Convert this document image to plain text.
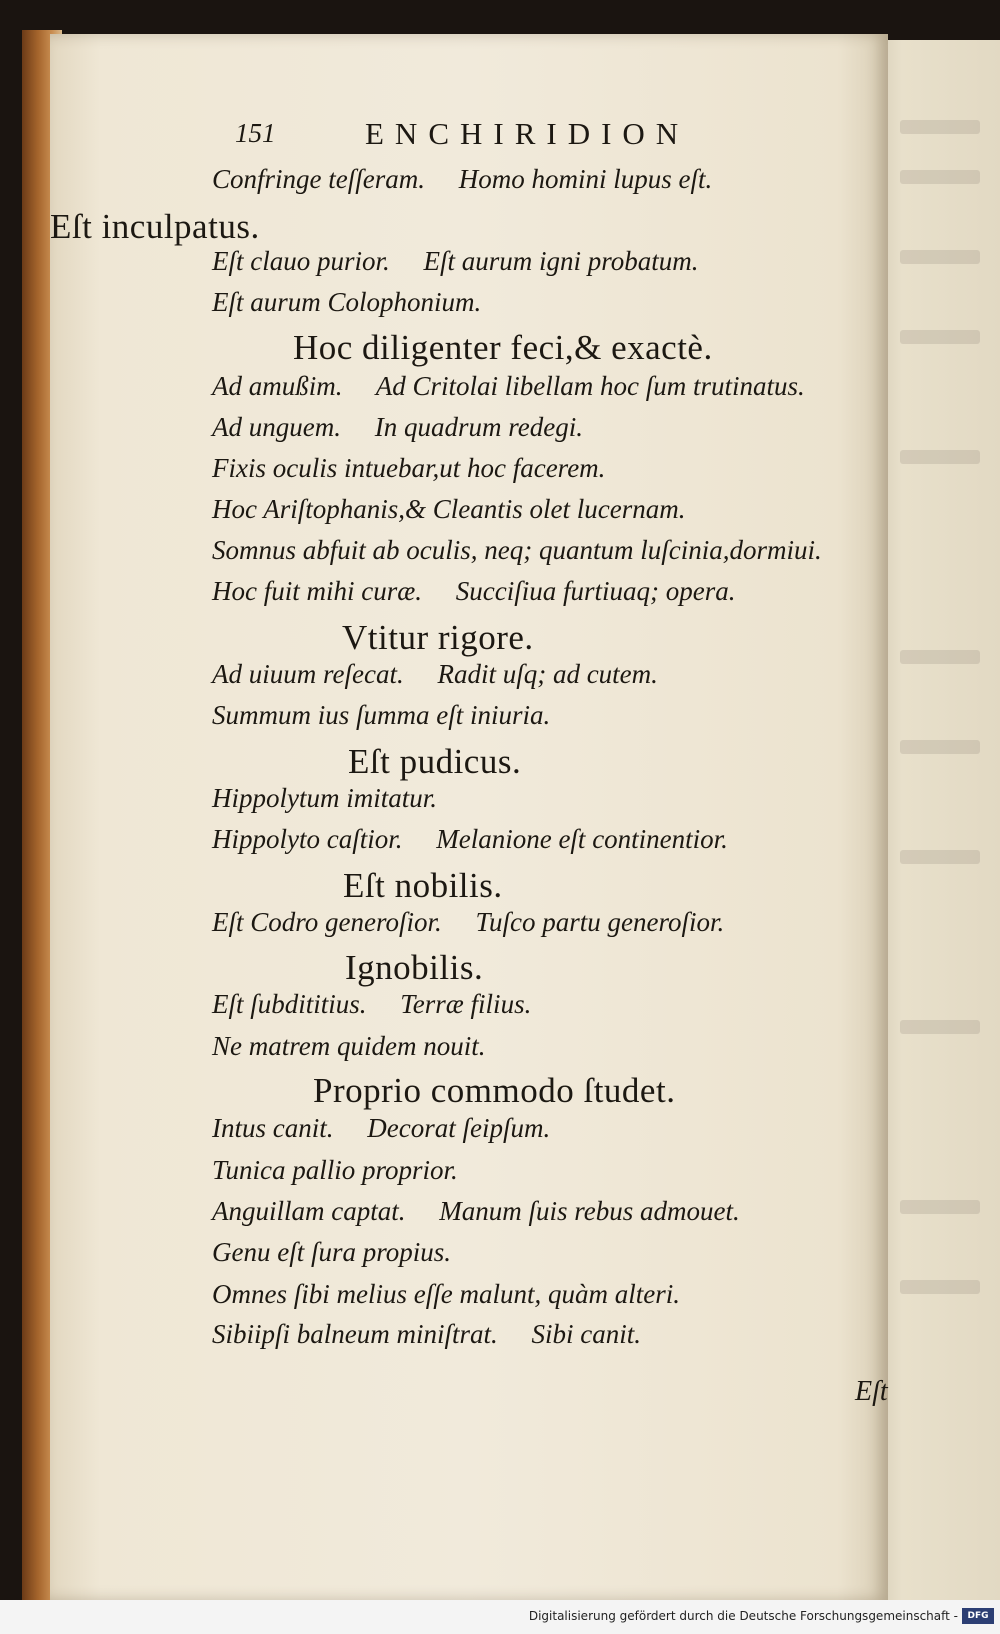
151	ENCHIRIDION
Confringe teſſeram.     Homo homini lupus eſt.
Eſt inculpatus.
Eſt clauo purior.     Eſt aurum igni probatum.
Eſt aurum Colophonium.
Hoc diligenter feci,& exactè.
Ad amußim.     Ad Critolai libellam hoc ſum trutinatus.
Ad unguem.     In quadrum redegi.
Fixis oculis intuebar,ut hoc facerem.
Hoc Ariſtophanis,& Cleantis olet lucernam.
Somnus abfuit ab oculis, neq; quantum luſcinia,dormiui.
Hoc fuit mihi curæ.     Succiſiua furtiuaq; opera.
Vtitur rigore.
Ad uiuum reſecat.     Radit uſq; ad cutem.
Summum ius ſumma eſt iniuria.
Eſt pudicus.
Hippolytum imitatur.
Hippolyto caſtior.     Melanione eſt continentior.
Eſt nobilis.
Eſt Codro generoſior.     Tuſco partu generoſior.
Ignobilis.
Eſt ſubdititius.     Terræ filius.
Ne matrem quidem nouit.
Proprio commodo ſtudet.
Intus canit.     Decorat ſeipſum.
Tunica pallio proprior.
Anguillam captat.     Manum ſuis rebus admouet.
Genu eſt ſura propius.
Omnes ſibi melius eſſe malunt, quàm alteri.
Sibiipſi balneum miniſtrat.     Sibi canit.
Eſt
Digitalisierung gefördert durch die Deutsche Forschungsgemeinschaft -	DFG
